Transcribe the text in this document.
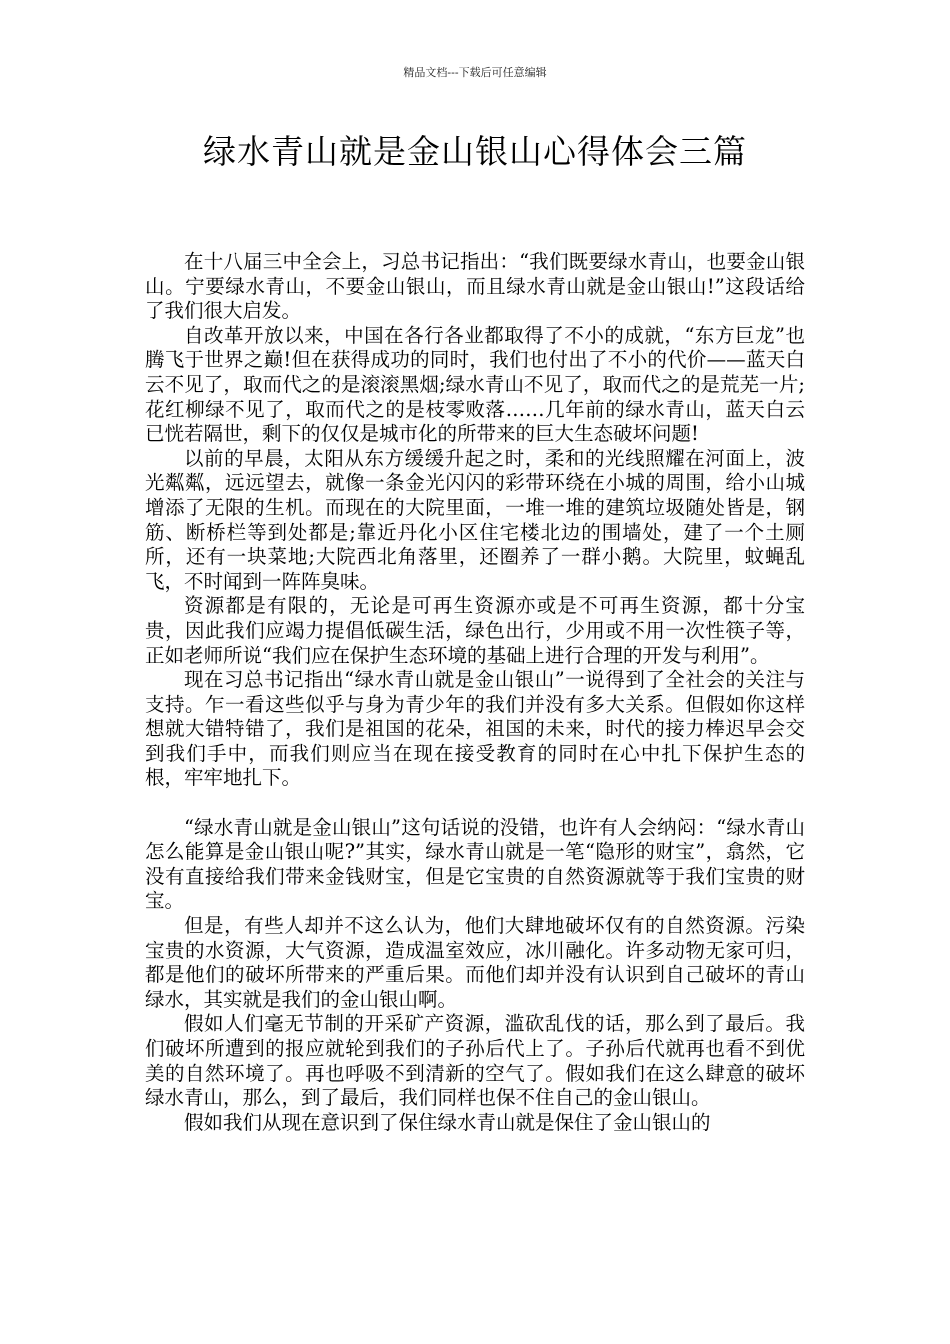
精品文档---下载后可任意编辑
绿水青山就是金山银山心得体会三篇

在十八届三中全会上，习总书记指出：“我们既要绿水青山，也要金山银山。宁要绿水青山，不要金山银山，而且绿水青山就是金山银山!”这段话给了我们很大启发。

自改革开放以来，中国在各行各业都取得了不小的成就，“东方巨龙”也腾飞于世界之巅!但在获得成功的同时，我们也付出了不小的代价——蓝天白云不见了，取而代之的是滚滚黑烟;绿水青山不见了，取而代之的是荒芜一片;花红柳绿不见了，取而代之的是枝零败落……几年前的绿水青山，蓝天白云已恍若隔世，剩下的仅仅是城市化的所带来的巨大生态破坏问题!

以前的早晨，太阳从东方缓缓升起之时，柔和的光线照耀在河面上，波光粼粼，远远望去，就像一条金光闪闪的彩带环绕在小城的周围，给小山城增添了无限的生机。而现在的大院里面，一堆一堆的建筑垃圾随处皆是，钢筋、断桥栏等到处都是;靠近丹化小区住宅楼北边的围墙处，建了一个土厕所，还有一块菜地;大院西北角落里，还圈养了一群小鹅。大院里，蚊蝇乱飞，不时闻到一阵阵臭味。

资源都是有限的，无论是可再生资源亦或是不可再生资源，都十分宝贵，因此我们应竭力提倡低碳生活，绿色出行，少用或不用一次性筷子等，正如老师所说“我们应在保护生态环境的基础上进行合理的开发与利用”。

现在习总书记指出“绿水青山就是金山银山”一说得到了全社会的关注与支持。乍一看这些似乎与身为青少年的我们并没有多大关系。但假如你这样想就大错特错了，我们是祖国的花朵，祖国的未来，时代的接力棒迟早会交到我们手中，而我们则应当在现在接受教育的同时在心中扎下保护生态的根，牢牢地扎下。

“绿水青山就是金山银山”这句话说的没错，也许有人会纳闷：“绿水青山怎么能算是金山银山呢?”其实，绿水青山就是一笔“隐形的财宝”，翕然，它没有直接给我们带来金钱财宝，但是它宝贵的自然资源就等于我们宝贵的财宝。

但是，有些人却并不这么认为，他们大肆地破坏仅有的自然资源。污染宝贵的水资源，大气资源，造成温室效应，冰川融化。许多动物无家可归，都是他们的破坏所带来的严重后果。而他们却并没有认识到自己破坏的青山绿水，其实就是我们的金山银山啊。

假如人们毫无节制的开采矿产资源，滥砍乱伐的话，那么到了最后。我们破坏所遭到的报应就轮到我们的子孙后代上了。子孙后代就再也看不到优美的自然环境了。再也呼吸不到清新的空气了。假如我们在这么肆意的破坏绿水青山，那么，到了最后，我们同样也保不住自己的金山银山。

假如我们从现在意识到了保住绿水青山就是保住了金山银山的
